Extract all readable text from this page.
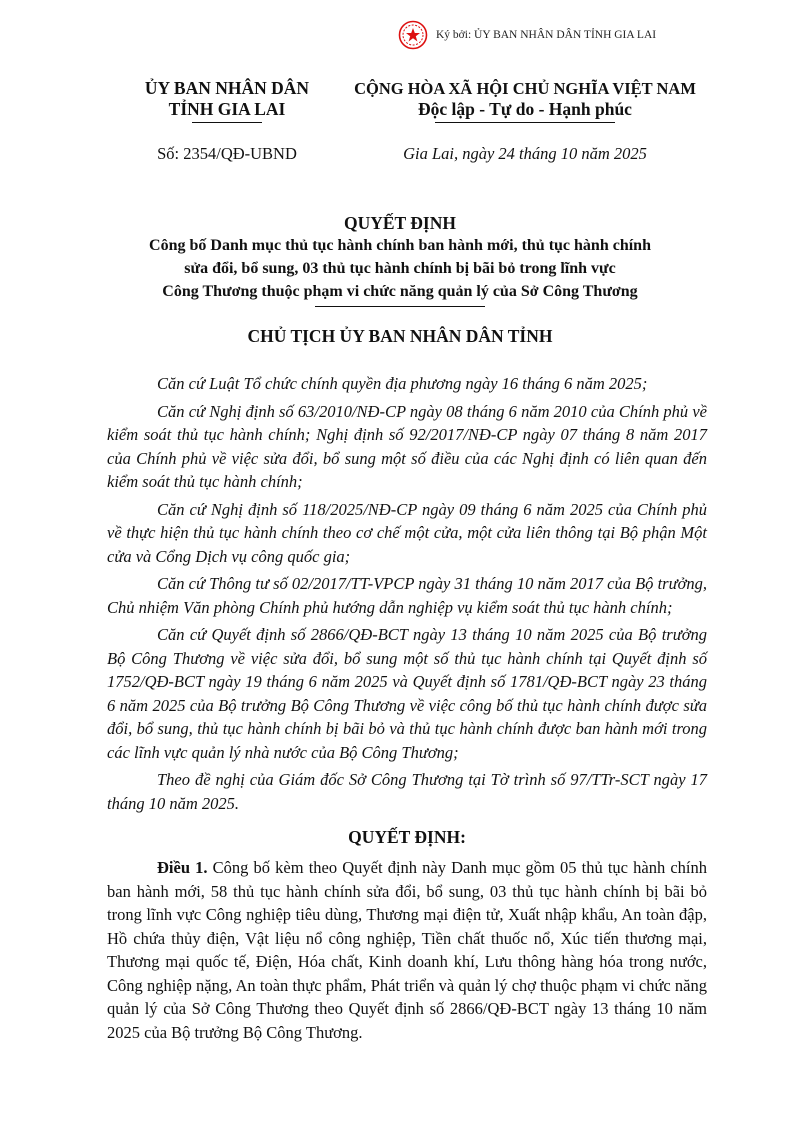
Ký bởi: ỦY BAN NHÂN DÂN TỈNH GIA LAI
ỦY BAN NHÂN DÂN
TỈNH GIA LAI
CỘNG HÒA XÃ HỘI CHỦ NGHĨA VIỆT NAM
Độc lập - Tự do - Hạnh phúc
Số: 2354/QĐ-UBND	Gia Lai, ngày 24 tháng 10 năm 2025
QUYẾT ĐỊNH
Công bố Danh mục thủ tục hành chính ban hành mới, thủ tục hành chính
sửa đổi, bổ sung, 03 thủ tục hành chính bị bãi bỏ trong lĩnh vực
Công Thương thuộc phạm vi chức năng quản lý của Sở Công Thương
CHỦ TỊCH ỦY BAN NHÂN DÂN TỈNH

Căn cứ Luật Tổ chức chính quyền địa phương ngày 16 tháng 6 năm 2025;

Căn cứ Nghị định số 63/2010/NĐ-CP ngày 08 tháng 6 năm 2010 của Chính phủ về kiểm soát thủ tục hành chính; Nghị định số 92/2017/NĐ-CP ngày 07 tháng 8 năm 2017 của Chính phủ về việc sửa đổi, bổ sung một số điều của các Nghị định có liên quan đến kiểm soát thủ tục hành chính;

Căn cứ Nghị định số 118/2025/NĐ-CP ngày 09 tháng 6 năm 2025 của Chính phủ về thực hiện thủ tục hành chính theo cơ chế một cửa, một cửa liên thông tại Bộ phận Một cửa và Cổng Dịch vụ công quốc gia;

Căn cứ Thông tư số 02/2017/TT-VPCP ngày 31 tháng 10 năm 2017 của Bộ trưởng, Chủ nhiệm Văn phòng Chính phủ hướng dẫn nghiệp vụ kiểm soát thủ tục hành chính;

Căn cứ Quyết định số 2866/QĐ-BCT ngày 13 tháng 10 năm 2025 của Bộ trưởng Bộ Công Thương về việc sửa đổi, bổ sung một số thủ tục hành chính tại Quyết định số 1752/QĐ-BCT ngày 19 tháng 6 năm 2025 và Quyết định số 1781/QĐ-BCT ngày 23 tháng 6 năm 2025 của Bộ trưởng Bộ Công Thương về việc công bố thủ tục hành chính được sửa đổi, bổ sung, thủ tục hành chính bị bãi bỏ và thủ tục hành chính được ban hành mới trong các lĩnh vực quản lý nhà nước của Bộ Công Thương;

Theo đề nghị của Giám đốc Sở Công Thương tại Tờ trình số 97/TTr-SCT ngày 17 tháng 10 năm 2025.

QUYẾT ĐỊNH:

Điều 1. Công bố kèm theo Quyết định này Danh mục gồm 05 thủ tục hành chính ban hành mới, 58 thủ tục hành chính sửa đổi, bổ sung, 03 thủ tục hành chính bị bãi bỏ trong lĩnh vực Công nghiệp tiêu dùng, Thương mại điện tử, Xuất nhập khẩu, An toàn đập, Hồ chứa thủy điện, Vật liệu nổ công nghiệp, Tiền chất thuốc nổ, Xúc tiến thương mại, Thương mại quốc tế, Điện, Hóa chất, Kinh doanh khí, Lưu thông hàng hóa trong nước, Công nghiệp nặng, An toàn thực phẩm, Phát triển và quản lý chợ thuộc phạm vi chức năng quản lý của Sở Công Thương theo Quyết định số 2866/QĐ-BCT ngày 13 tháng 10 năm 2025 của Bộ trưởng Bộ Công Thương.
